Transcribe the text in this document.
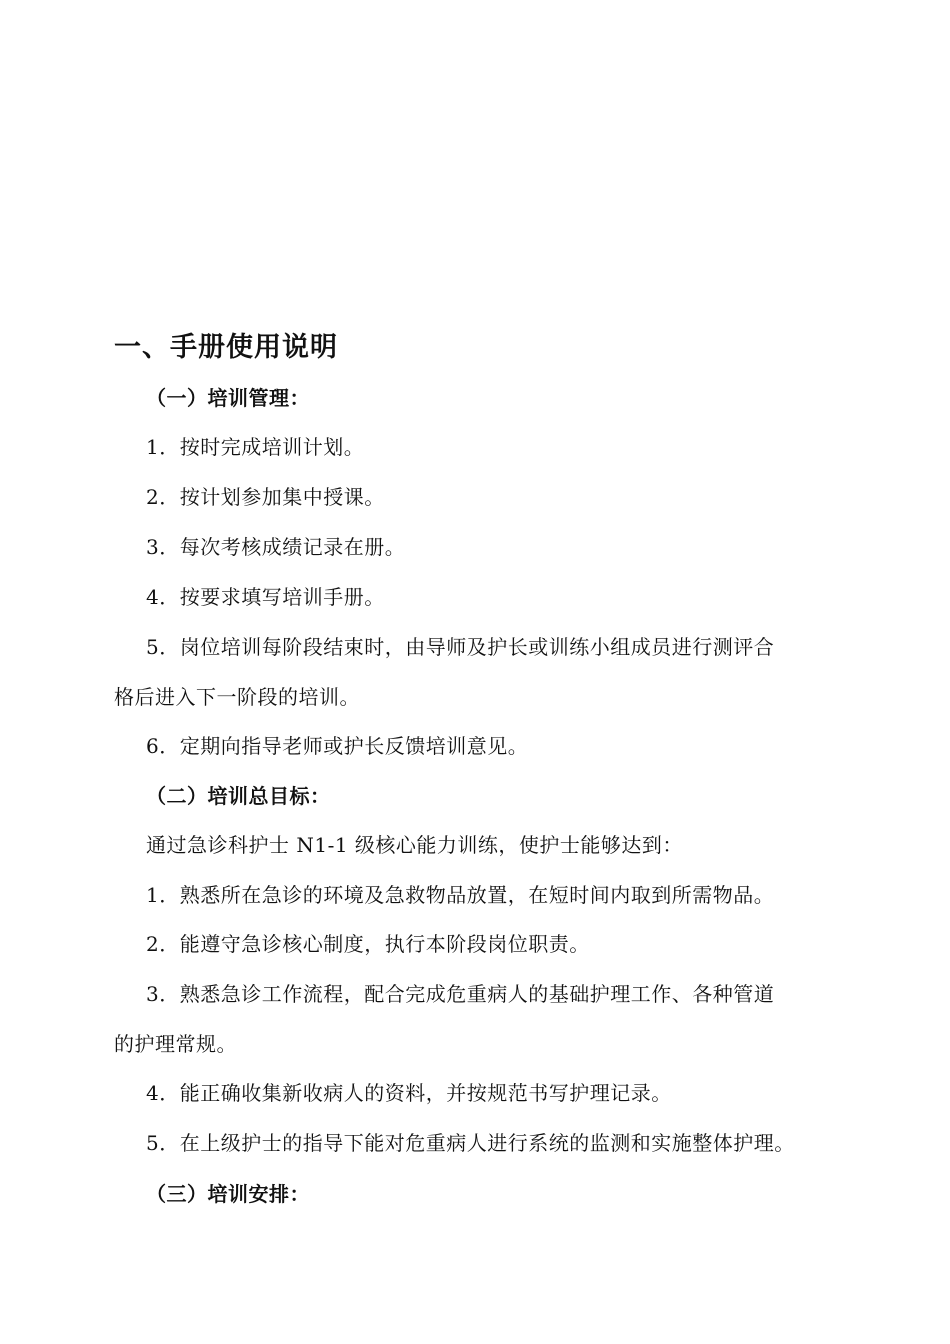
一、手册使用说明
（一）培训管理：
1．按时完成培训计划。
2．按计划参加集中授课。
3．每次考核成绩记录在册。
4．按要求填写培训手册。
5．岗位培训每阶段结束时，由导师及护长或训练小组成员进行测评合
格后进入下一阶段的培训。
6．定期向指导老师或护长反馈培训意见。
（二）培训总目标：
通过急诊科护士 N1-1 级核心能力训练，使护士能够达到：
1．熟悉所在急诊的环境及急救物品放置，在短时间内取到所需物品。
2．能遵守急诊核心制度，执行本阶段岗位职责。
3．熟悉急诊工作流程，配合完成危重病人的基础护理工作、各种管道
的护理常规。
4．能正确收集新收病人的资料，并按规范书写护理记录。
5．在上级护士的指导下能对危重病人进行系统的监测和实施整体护理。
（三）培训安排：
